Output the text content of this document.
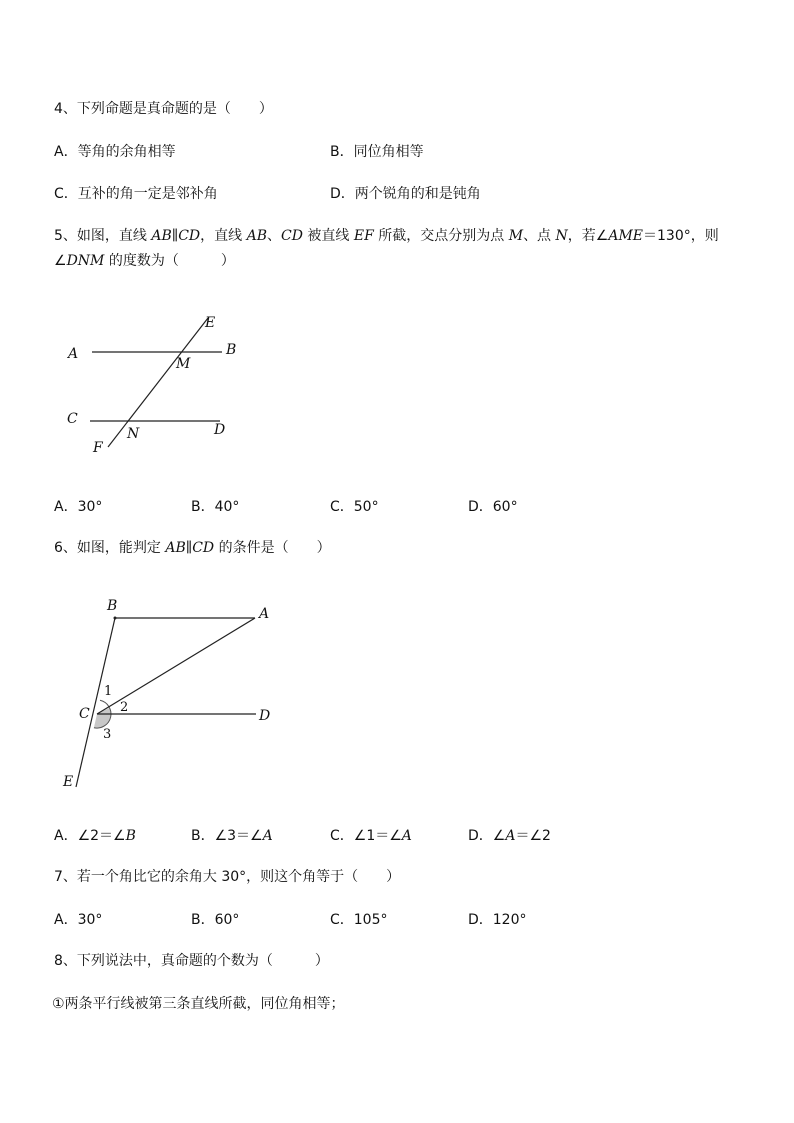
4、下列命题是真命题的是（　　）
A．等角的余角相等	B．同位角相等
C．互补的角一定是邻补角	D．两个锐角的和是钝角
5、如图，直线 AB∥CD，直线 AB、CD 被直线 EF 所截，交点分别为点 M、点 N，若∠AME＝130°，则
∠DNM 的度数为（　　　）
A	B
C
D
E
F
M
N
A．30°	B．40°	C．50°	D．60°
6、如图，能判定 AB∥CD 的条件是（　　）
B	A
C	D
E
1
2
3
A．∠2＝∠B	B．∠3＝∠A	C．∠1＝∠A	D．∠A＝∠2
7、若一个角比它的余角大 30°，则这个角等于（　　）
A．30°	B．60°	C．105°	D．120°
8、下列说法中，真命题的个数为（　　　）
①两条平行线被第三条直线所截，同位角相等；
